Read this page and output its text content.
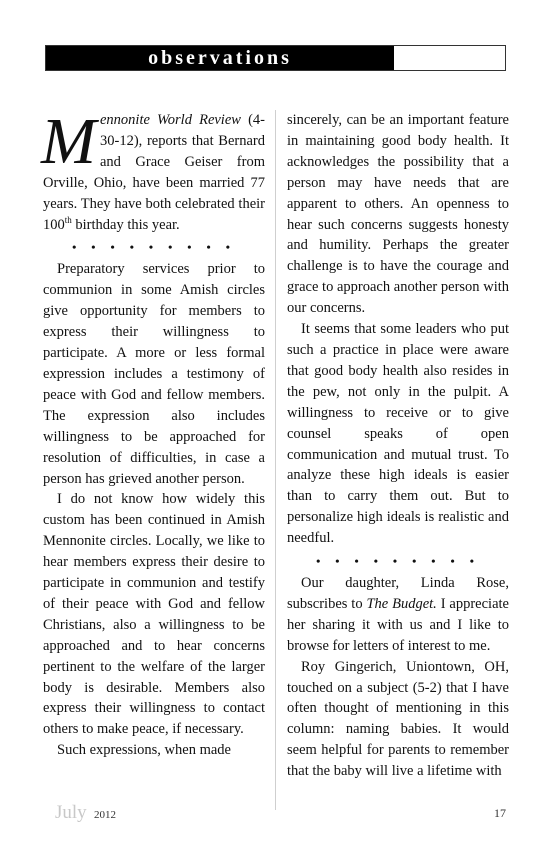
observations

Mennonite World Review (4-30-12), reports that Bernard and Grace Geiser from Orville, Ohio, have been married 77 years. They have both celebrated their 100th birthday this year.

• • • • • • • • •

Preparatory services prior to communion in some Amish circles give opportunity for members to express their willingness to participate. A more or less formal expression includes a testimony of peace with God and fellow members. The expression also includes willingness to be approached for resolution of difficulties, in case a person has grieved another person.

I do not know how widely this custom has been continued in Amish Mennonite circles. Locally, we like to hear members express their desire to participate in communion and testify of their peace with God and fellow Christians, also a willingness to be approached and to hear concerns pertinent to the welfare of the larger body is desirable. Members also express their willingness to contact others to make peace, if necessary.

Such expressions, when made

sincerely, can be an important feature in maintaining good body health. It acknowledges the possibility that a person may have needs that are apparent to others. An openness to hear such concerns suggests honesty and humility. Perhaps the greater challenge is to have the courage and grace to approach another person with our concerns.

It seems that some leaders who put such a practice in place were aware that good body health also resides in the pew, not only in the pulpit. A willingness to receive or to give counsel speaks of open communication and mutual trust. To analyze these high ideals is easier than to carry them out. But to personalize high ideals is realistic and needful.

• • • • • • • • •

Our daughter, Linda Rose, subscribes to The Budget. I appreciate her sharing it with us and I like to browse for letters of interest to me.

Roy Gingerich, Uniontown, OH, touched on a subject (5-2) that I have often thought of mentioning in this column: naming babies. It would seem helpful for parents to remember that the baby will live a lifetime with

July 2012	17
